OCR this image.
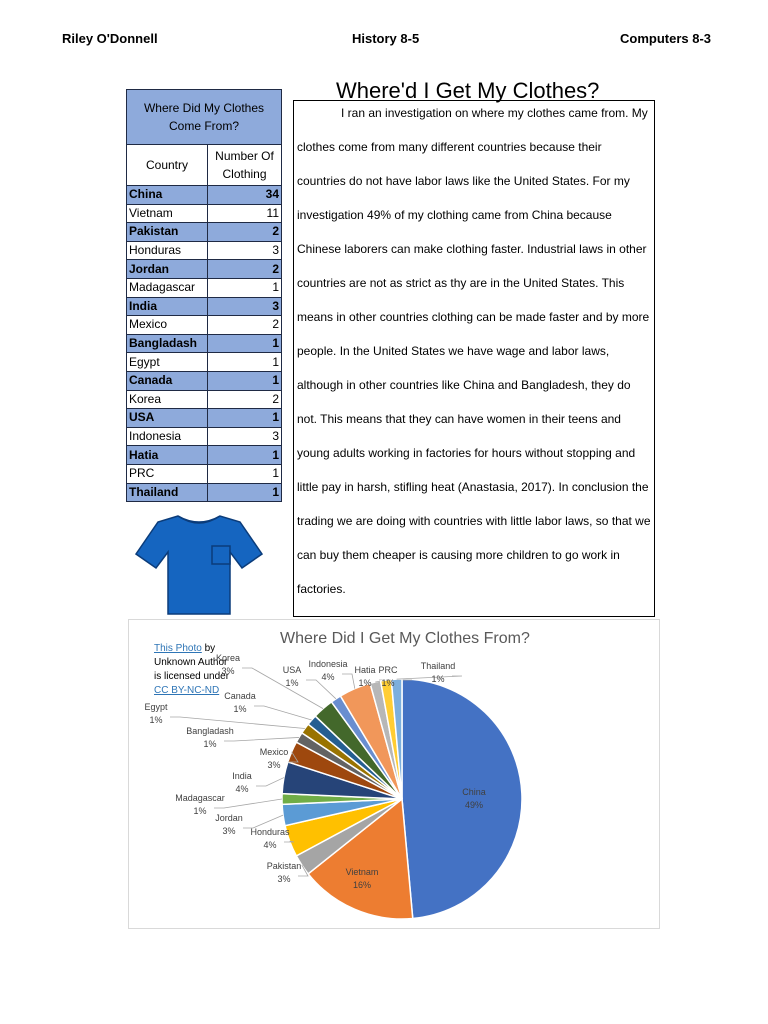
Riley O'Donnell	History 8-5	Computers 8-3
Where'd I Get My Clothes?
Where Did My Clothes Come From?	
Country	Number Of Clothing
China	34
Vietnam	11
Pakistan	2
Honduras	3
Jordan	2
Madagascar	1
India	3
Mexico	2
Bangladash	1
Egypt	1
Canada	1
Korea	2
USA	1
Indonesia	3
Hatia	1
PRC	1
Thailand	1

I ran an investigation on where my clothes came from. My clothes come from many different countries because their countries do not have labor laws like the United States. For my investigation 49% of my clothing came from China because Chinese laborers can make clothing faster. Industrial laws in other countries are not as strict as thy are in the United States. This means in other countries clothing can be made faster and by more people. In the United States we have wage and labor laws, although in other countries like China and Bangladesh, they do not. This means that they can have women in their teens and young adults working in factories for hours without stopping and little pay in harsh, stifling heat (Anastasia, 2017). In conclusion the trading we are doing with countries with little labor laws, so that we can buy them cheaper is causing more children to go work in factories.

Where Did I Get My Clothes From?
This Photo by Unknown Author is licensed under CC BY-NC-ND
China
49%
Vietnam
16%
Pakistan
3%
Honduras
4%
Jordan
3%
Madagascar
1%
India
4%
Mexico
3%
Bangladash
1%
Egypt
1%
Canada
1%
Korea
3%	USA
1%
Indonesia
4%
Hatia
1%
PRC
1%
Thailand
1%
